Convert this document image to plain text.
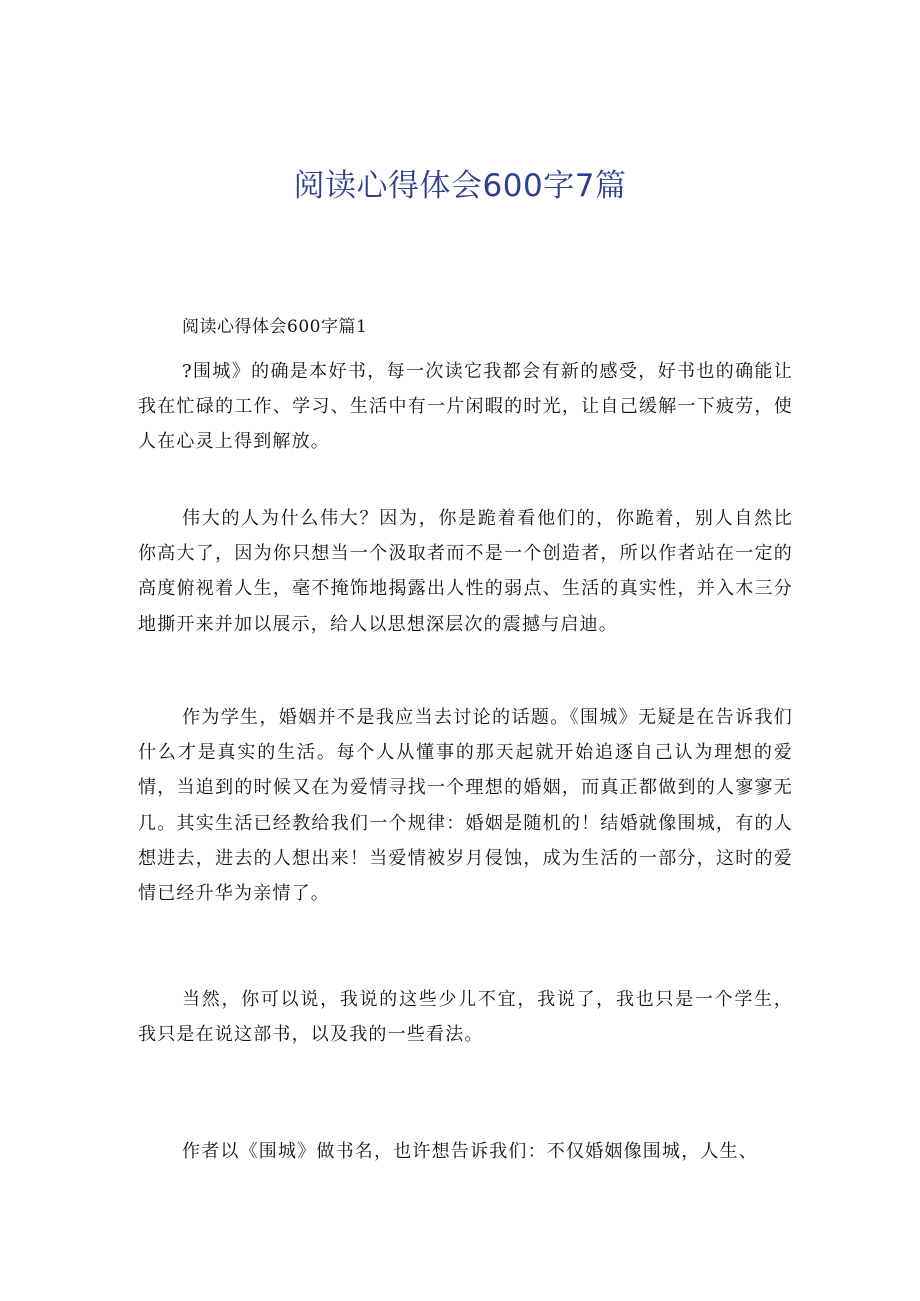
阅读心得体会600字7篇
阅读心得体会600字篇1

?围城》的确是本好书，每一次读它我都会有新的感受，好书也的确能让我在忙碌的工作、学习、生活中有一片闲暇的时光，让自己缓解一下疲劳，使人在心灵上得到解放。

伟大的人为什么伟大？因为，你是跪着看他们的，你跪着，别人自然比你高大了，因为你只想当一个汲取者而不是一个创造者，所以作者站在一定的高度俯视着人生，毫不掩饰地揭露出人性的弱点、生活的真实性，并入木三分地撕开来并加以展示，给人以思想深层次的震撼与启迪。

作为学生，婚姻并不是我应当去讨论的话题。《围城》无疑是在告诉我们什么才是真实的生活。每个人从懂事的那天起就开始追逐自己认为理想的爱情，当追到的时候又在为爱情寻找一个理想的婚姻，而真正都做到的人寥寥无几。其实生活已经教给我们一个规律：婚姻是随机的！结婚就像围城，有的人想进去，进去的人想出来！当爱情被岁月侵蚀，成为生活的一部分，这时的爱情已经升华为亲情了。

当然，你可以说，我说的这些少儿不宜，我说了，我也只是一个学生，我只是在说这部书，以及我的一些看法。

作者以《围城》做书名，也许想告诉我们：不仅婚姻像围城，人生、
